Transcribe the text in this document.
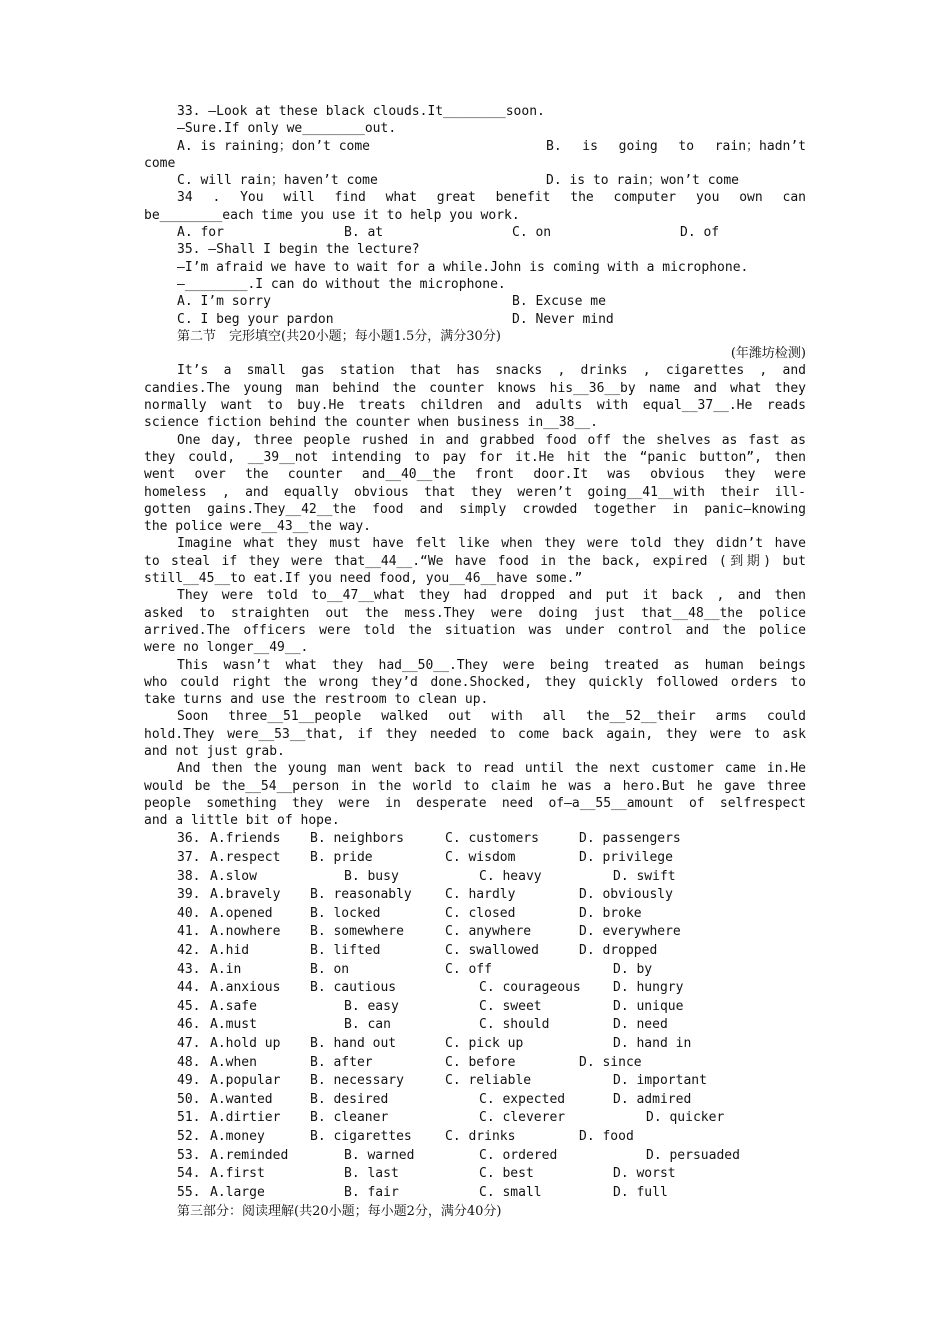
33. —Look at these black clouds.It________soon.
—Sure.If only we________out.
A. is raining；don’t come	B. is going to rain；hadn’t
come
C. will rain；haven’t come	D. is to rain；won’t come
34 . You will find what great benefit the computer you own can
be________each time you use it to help you work.
A. for	B. at	C. on	D. of
35. —Shall I begin the lecture?
—I’m afraid we have to wait for a while.John is coming with a microphone.
—________.I can do without the microphone.
A. I’m sorry	B. Excuse me
C. I beg your pardon	D. Never mind
第二节　完形填空(共20小题；每小题1.5分，满分30分)
(年潍坊检测)
It’s a small gas station that has snacks , drinks , cigarettes , and
candies.The young man behind the counter knows his__36__by name and what they
normally want to buy.He treats children and adults with equal__37__.He reads
science fiction behind the counter when business in__38__.
One day, three people rushed in and grabbed food off the shelves as fast as
they could, __39__not intending to pay for it.He hit the “panic button”, then
went over the counter and__40__the front door.It was obvious they were
homeless , and equally obvious that they weren’t going__41__with their ill-
gotten gains.They__42__the food and simply crowded together in panic—knowing
the police were__43__the way.
Imagine what they must have felt like when they were told they didn’t have
to steal if they were that__44__.“We have food in the back, expired (到期) but
still__45__to eat.If you need food, you__46__have some.”
They were told to__47__what they had dropped and put it back , and then
asked to straighten out the mess.They were doing just that__48__the police
arrived.The officers were told the situation was under control and the police
were no longer__49__.
This wasn’t what they had__50__.They were being treated as human beings
who could right the wrong they’d done.Shocked, they quickly followed orders to
take turns and use the restroom to clean up.
Soon three__51__people walked out with all the__52__their arms could
hold.They were__53__that, if they needed to come back again, they were to ask
and not just grab.
And then the young man went back to read until the next customer came in.He
would be the__54__person in the world to claim he was a hero.But he gave three
people something they were in desperate need of—a__55__amount of selfrespect
and a little bit of hope.
36. A.friends B. neighbors	C. customers	D. passengers
37. A.respect B. pride	C. wisdom	D. privilege
38. A.slow	B. busy	C. heavy	D. swift
39. A.bravely B. reasonably	C. hardly	D. obviously
40. A.opened	B. locked	C. closed	D. broke
41. A.nowhere B. somewhere	C. anywhere	D. everywhere
42. A.hid	B. lifted	C. swallowed	D. dropped
43. A.in	B. on	C. off	D. by
44. A.anxious B. cautious	C. courageous D. hungry
45. A.safe	B. easy	C. sweet	D. unique
46. A.must	B. can	C. should	D. need
47. A.hold up B. hand out	C. pick up	D. hand in
48. A.when	B. after	C. before	D. since
49. A.popular B. necessary	C. reliable	D. important
50. A.wanted	B. desired	C. expected	D. admired
51. A.dirtier B. cleaner	C. cleverer	D. quicker
52. A.money	B. cigarettes	C. drinks	D. food
53. A.reminded	B. warned	C. ordered	D. persuaded
54. A.first	B. last	C. best	D. worst
55. A.large	B. fair	C. small	D. full
第三部分：阅读理解(共20小题；每小题2分，满分40分)
